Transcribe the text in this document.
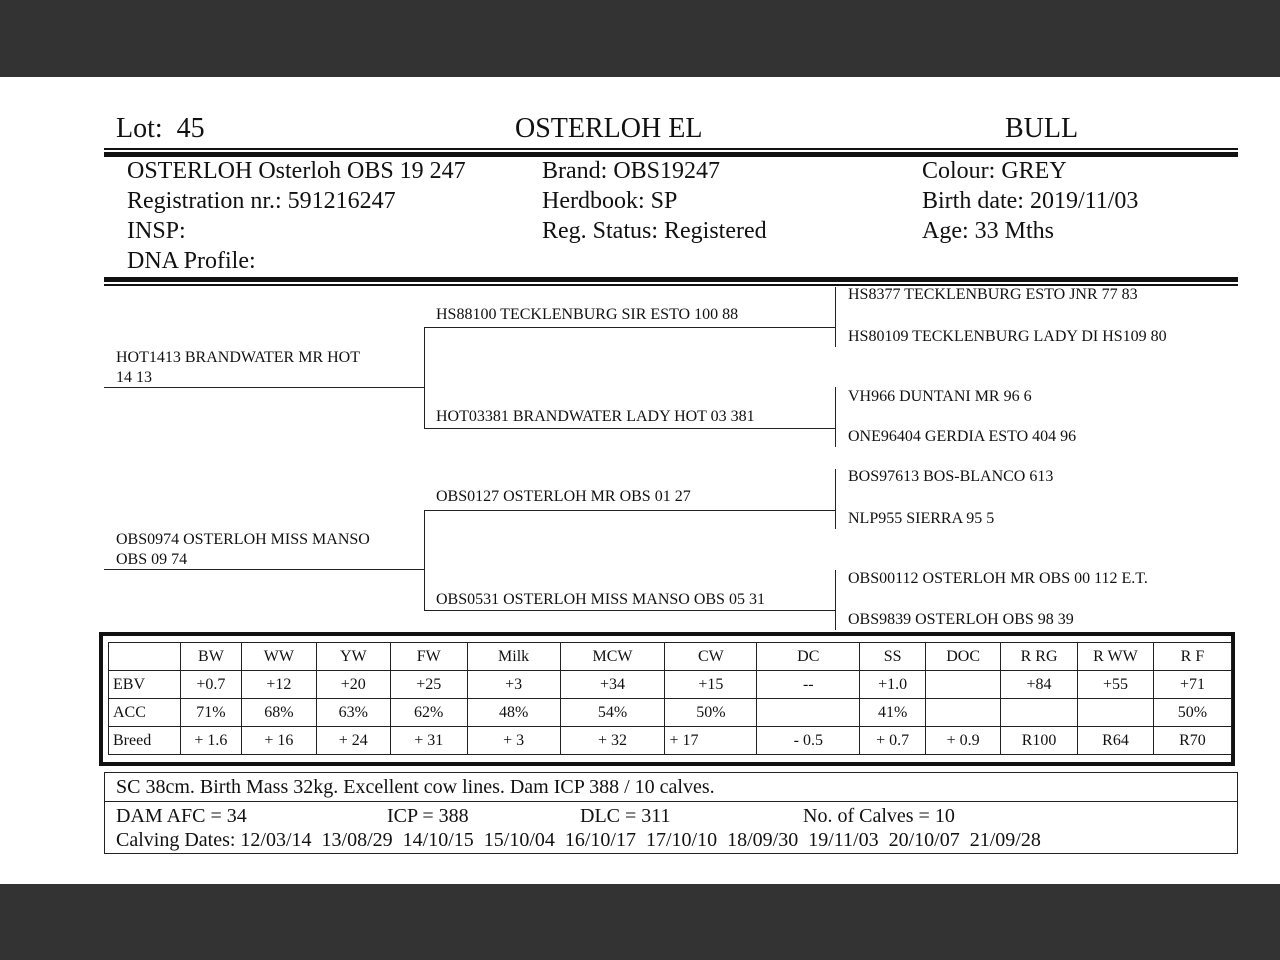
Lot: 45	OSTERLOH EL	BULL
OSTERLOH Osterloh OBS 19 247
Registration nr.: 591216247
INSP:
DNA Profile:
Brand: OBS19247
Herdbook: SP
Reg. Status: Registered
Colour: GREY
Birth date: 2019/11/03
Age: 33 Mths
HOT1413 BRANDWATER MR HOT
14 13
OBS0974 OSTERLOH MISS MANSO
OBS 09 74
HS88100 TECKLENBURG SIR ESTO 100 88
HOT03381 BRANDWATER LADY HOT 03 381
OBS0127 OSTERLOH MR OBS 01 27
OBS0531 OSTERLOH MISS MANSO OBS 05 31
HS8377 TECKLENBURG ESTO JNR 77 83
HS80109 TECKLENBURG LADY DI HS109 80
VH966 DUNTANI MR 96 6
ONE96404 GERDIA ESTO 404 96
BOS97613 BOS-BLANCO 613
NLP955 SIERRA 95 5
OBS00112 OSTERLOH MR OBS 00 112 E.T.
OBS9839 OSTERLOH OBS 98 39
	BW	WW	YW	FW	Milk	MCW	CW	DC	SS	DOC	R RG	R WW	R F
EBV	+0.7	+12	+20	+25	+3	+34	+15	--	+1.0		+84	+55	+71
ACC	71%	68%	63%	62%	48%	54%	50%		41%				50%
Breed	+ 1.6	+ 16	+ 24	+ 31	+ 3	+ 32	+ 17	- 0.5	+ 0.7	+ 0.9	R100	R64	R70
SC 38cm. Birth Mass 32kg. Excellent cow lines. Dam ICP 388 / 10 calves.
DAM AFC = 34	ICP = 388	DLC = 311	No. of Calves = 10
Calving Dates: 12/03/14  13/08/29  14/10/15  15/10/04  16/10/17  17/10/10  18/09/30  19/11/03  20/10/07  21/09/28
